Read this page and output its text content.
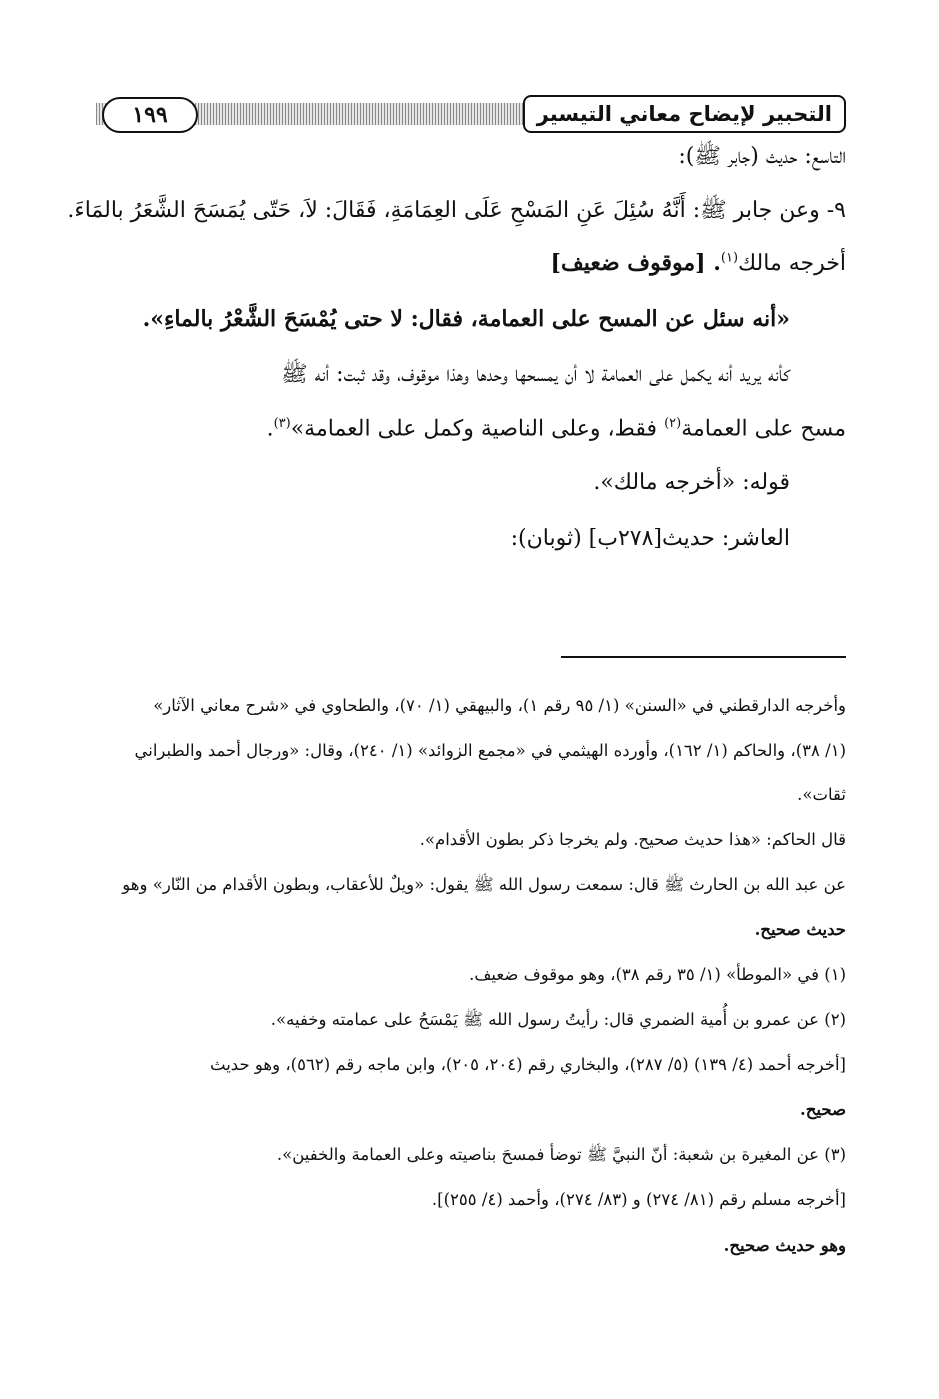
١٩٩	التحبير لإيضاح معاني التيسير
التاسع: حديث (جابر ﷺ):
٩- وعن جابر ﷺ: أَنَّهُ سُئِلَ عَنِ المَسْحِ عَلَى العِمَامَةِ، فَقَالَ: لاَ، حَتّى يُمَسَحَ الشَّعَرُ بالمَاءَ.
أخرجه مالك$^{(١)}$. [موقوف ضعيف]
«أنه سئل عن المسح على العمامة، فقال: لا حتى يُمْسَحَ الشَّعْرُ بالماءِ».
كأنه يريد أنه يكمل على العمامة لا أن يمسحها وحدها وهذا موقوف، وقد ثبت: أنه ﷺ
مسح على العمامة$^{(٢)}$ فقط، وعلى الناصية وكمل على العمامة»$^{(٣)}$.
قوله: «أخرجه مالك».
العاشر: حديث[٢٧٨ب] (ثوبان):
وأخرجه الدارقطني في «السنن» (١/ ٩٥ رقم ١)، والبيهقي (١/ ٧٠)، والطحاوي في «شرح معاني الآثار»
(١/ ٣٨)، والحاكم (١/ ١٦٢)، وأورده الهيثمي في «مجمع الزوائد» (١/ ٢٤٠)، وقال: «ورجال أحمد والطبراني
ثقات».
قال الحاكم: «هذا حديث صحيح. ولم يخرجا ذكر بطون الأقدام».
عن عبد الله بن الحارث ﷺ قال: سمعت رسول الله ﷺ يقول: «ويلٌ للأعقاب، وبطون الأقدام من النّار» وهو
حديث صحيح.
(١) في «الموطأ» (١/ ٣٥ رقم ٣٨)، وهو موقوف ضعيف.
(٢) عن عمرو بن أُمية الضمري قال: رأيتُ رسول الله ﷺ يَمْسَحُ على عمامته وخفيه».
[أخرجه أحمد (٤/ ١٣٩) (٥/ ٢٨٧)، والبخاري رقم (٢٠٤، ٢٠٥)، وابن ماجه رقم (٥٦٢)، وهو حديث
صحيح.
(٣) عن المغيرة بن شعبة: أنّ النبيَّ ﷺ توضأ فمسحَ بناصيته وعلى العمامة والخفين».
[أخرجه مسلم رقم (٨١/ ٢٧٤) و (٨٣/ ٢٧٤)، وأحمد (٤/ ٢٥٥)].
وهو حديث صحيح.
